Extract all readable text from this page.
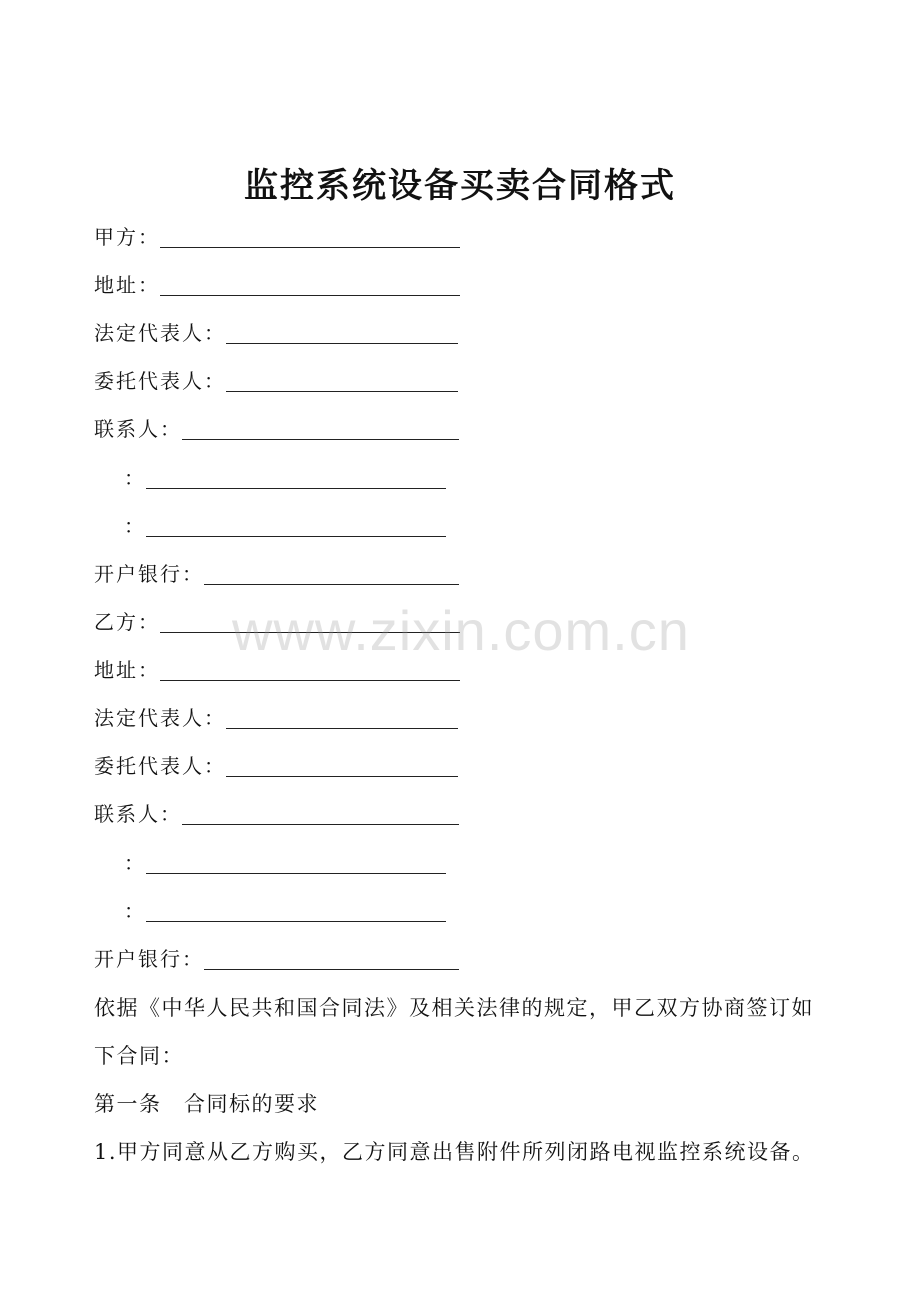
监控系统设备买卖合同格式
甲方：
地址：
法定代表人：
委托代表人：
联系人：
：
：
开户银行：
乙方：
地址：
法定代表人：
委托代表人：
联系人：
：
：
开户银行：
依据《中华人民共和国合同法》及相关法律的规定，甲乙双方协商签订如
下合同：
第一条　合同标的要求
1.甲方同意从乙方购买，乙方同意出售附件所列闭路电视监控系统设备。
www.zixin.com.cn
